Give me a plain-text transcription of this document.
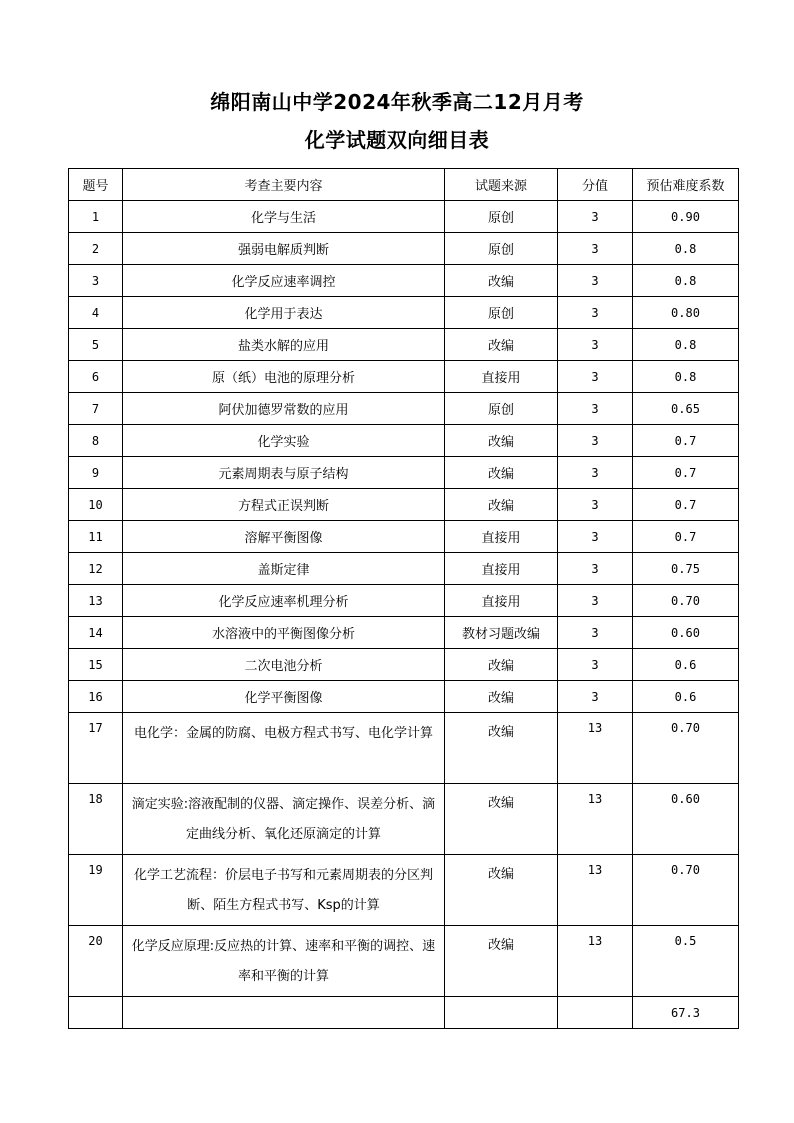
绵阳南山中学2024年秋季高二12月月考
化学试题双向细目表
题号	考查主要内容	试题来源	分值	预估难度系数
1	化学与生活	原创	3	0.90
2	强弱电解质判断	原创	3	0.8
3	化学反应速率调控	改编	3	0.8
4	化学用于表达	原创	3	0.80
5	盐类水解的应用	改编	3	0.8
6	原（纸）电池的原理分析	直接用	3	0.8
7	阿伏加德罗常数的应用	原创	3	0.65
8	化学实验	改编	3	0.7
9	元素周期表与原子结构	改编	3	0.7
10	方程式正误判断	改编	3	0.7
11	溶解平衡图像	直接用	3	0.7
12	盖斯定律	直接用	3	0.75
13	化学反应速率机理分析	直接用	3	0.70
14	水溶液中的平衡图像分析	教材习题改编	3	0.60
15	二次电池分析	改编	3	0.6
16	化学平衡图像	改编	3	0.6
17	电化学：金属的防腐、电极方程式书写、电化学计算	改编	13	0.70
18	滴定实验:溶液配制的仪器、滴定操作、误差分析、滴定曲线分析、氧化还原滴定的计算	改编	13	0.60
19	化学工艺流程：价层电子书写和元素周期表的分区判断、陌生方程式书写、Ksp的计算	改编	13	0.70
20	化学反应原理:反应热的计算、速率和平衡的调控、速率和平衡的计算	改编	13	0.5
				67.3
